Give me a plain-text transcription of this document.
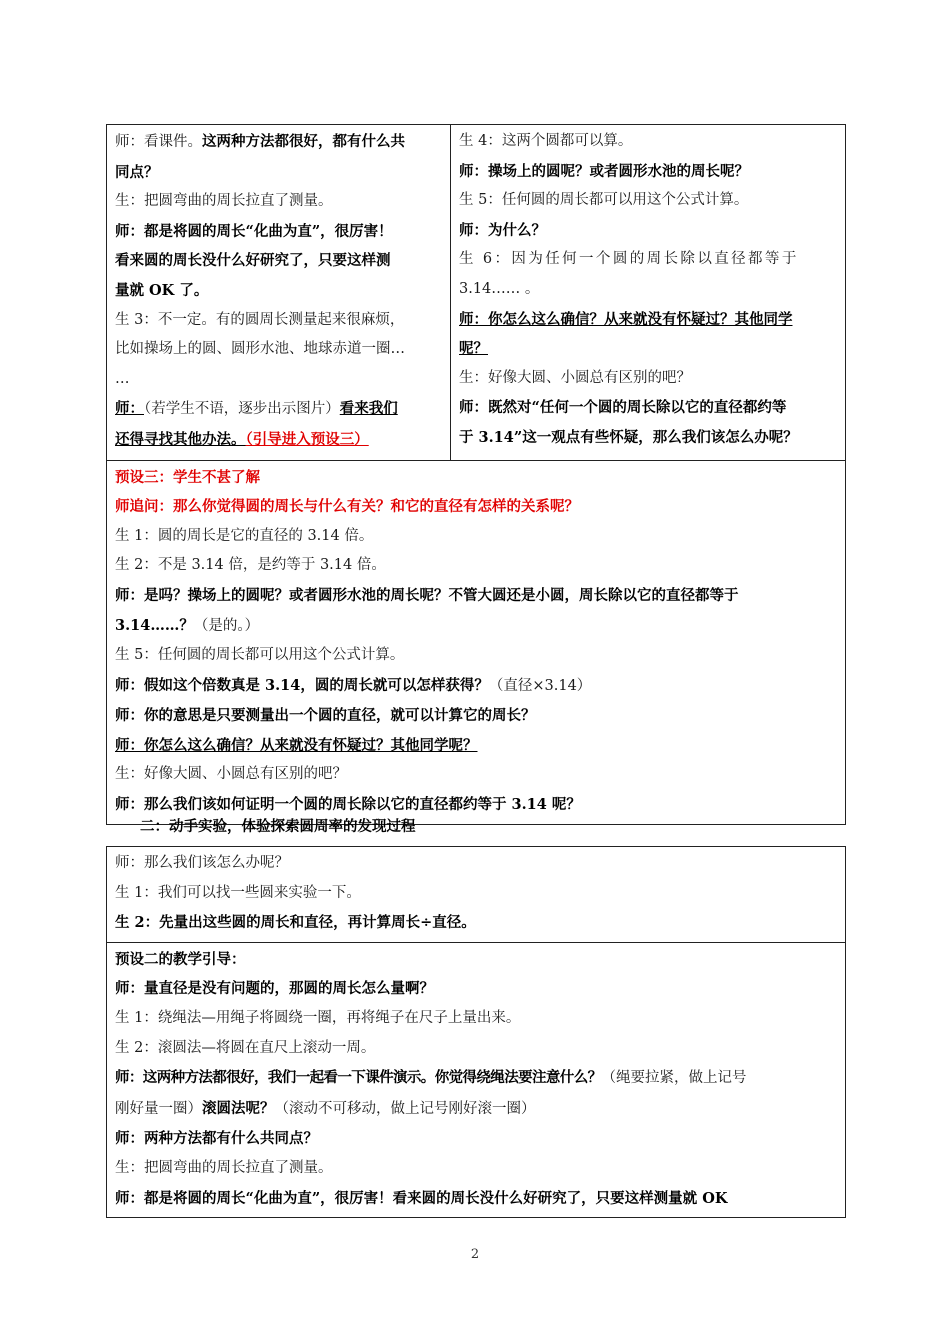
师：看课件。这两种方法都很好，都有什么共
同点？
生：把圆弯曲的周长拉直了测量。
师：都是将圆的周长“化曲为直”，很厉害！
看来圆的周长没什么好研究了，只要这样测
量就 OK 了。
生 3：不一定。有的圆周长测量起来很麻烦，
比如操场上的圆、圆形水池、地球赤道一圈…
…
师：（若学生不语，逐步出示图片）看来我们
还得寻找其他办法。（引导进入预设三）
生 4：这两个圆都可以算。
师：操场上的圆呢？或者圆形水池的周长呢？
生 5：任何圆的周长都可以用这个公式计算。
师：为什么？
生 6：因为任何一个圆的周长除以直径都等于
3.14…… 。
师：你怎么这么确信？从来就没有怀疑过？其他同学
呢？
生：好像大圆、小圆总有区别的吧？
师：既然对“任何一个圆的周长除以它的直径都约等
于 3.14”这一观点有些怀疑，那么我们该怎么办呢？
预设三：学生不甚了解
师追问：那么你觉得圆的周长与什么有关？和它的直径有怎样的关系呢？
生 1：圆的周长是它的直径的 3.14 倍。
生 2：不是 3.14 倍，是约等于 3.14 倍。
师：是吗？操场上的圆呢？或者圆形水池的周长呢？不管大圆还是小圆，周长除以它的直径都等于
3.14……？（是的。）
生 5：任何圆的周长都可以用这个公式计算。
师：假如这个倍数真是 3.14，圆的周长就可以怎样获得？（直径×3.14）
师：你的意思是只要测量出一个圆的直径，就可以计算它的周长？
师：你怎么这么确信？从来就没有怀疑过？其他同学呢？
生：好像大圆、小圆总有区别的吧？
师：那么我们该如何证明一个圆的周长除以它的直径都约等于 3.14 呢？
二：动手实验，体验探索圆周率的发现过程
师：那么我们该怎么办呢？
生 1：我们可以找一些圆来实验一下。
生 2：先量出这些圆的周长和直径，再计算周长÷直径。
预设二的教学引导：
师：量直径是没有问题的，那圆的周长怎么量啊？
生 1：绕绳法—用绳子将圆绕一圈，再将绳子在尺子上量出来。
生 2：滚圆法—将圆在直尺上滚动一周。
师：这两种方法都很好，我们一起看一下课件演示。你觉得绕绳法要注意什么？（绳要拉紧，做上记号
刚好量一圈）滚圆法呢？（滚动不可移动，做上记号刚好滚一圈）
师：两种方法都有什么共同点？
生：把圆弯曲的周长拉直了测量。
师：都是将圆的周长“化曲为直”，很厉害！看来圆的周长没什么好研究了，只要这样测量就 OK
2
